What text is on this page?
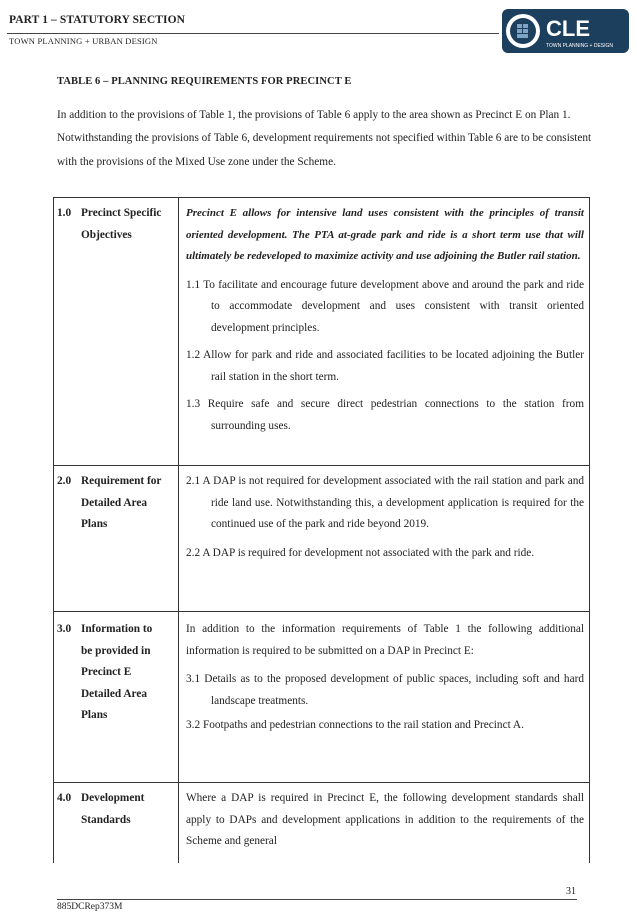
PART 1 – STATUTORY SECTION
TOWN PLANNING + URBAN DESIGN	CLE
TOWN PLANNING + DESIGN
TABLE 6 – PLANNING REQUIREMENTS FOR PRECINCT E
In addition to the provisions of Table 1, the provisions of Table 6 apply to the area shown as Precinct E on Plan 1. Notwithstanding the provisions of Table 6, development requirements not specified within Table 6 are to be consistent with the provisions of the Mixed Use zone under the Scheme.
1.0 Precinct Specific
Objectives

Precinct E allows for intensive land uses consistent with the principles of transit oriented development. The PTA at-grade park and ride is a short term use that will ultimately be redeveloped to maximize activity and use adjoining the Butler rail station.

1.1 To facilitate and encourage future development above and around the park and ride to accommodate development and uses consistent with transit oriented development principles.
1.2 Allow for park and ride and associated facilities to be located adjoining the Butler rail station in the short term.
1.3 Require safe and secure direct pedestrian connections to the station from surrounding uses.
2.0 Requirement for
Detailed Area
Plans
2.1 A DAP is not required for development associated with the rail station and park and ride land use. Notwithstanding this, a development application is required for the continued use of the park and ride beyond 2019.
2.2 A DAP is required for development not associated with the park and ride.
3.0 Information to
be provided in
Precinct E
Detailed Area
Plans

In addition to the information requirements of Table 1 the following additional information is required to be submitted on a DAP in Precinct E:

3.1 Details as to the proposed development of public spaces, including soft and hard landscape treatments.
3.2 Footpaths and pedestrian connections to the rail station and Precinct A.
4.0 Development
Standards

Where a DAP is required in Precinct E, the following development standards shall apply to DAPs and development applications in addition to the requirements of the Scheme and general

31
885DCRep373M
